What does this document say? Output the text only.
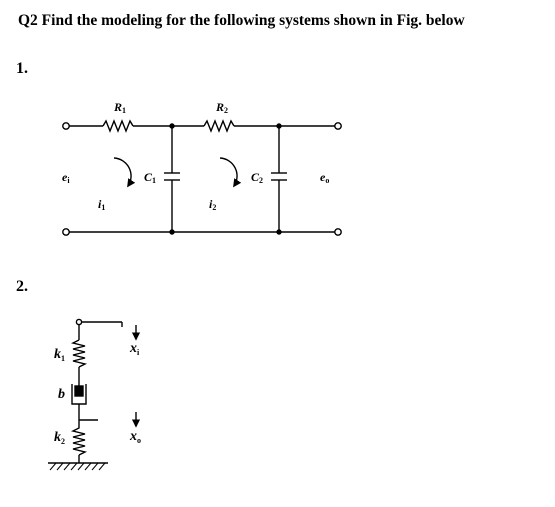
Q2 Find the modeling for the following systems shown in Fig. below
1.
2.
R1	R2
C1	C2
ei	eo
i1	i2
$k_1$
b
$k_2$
$x_i$
$x_o$
